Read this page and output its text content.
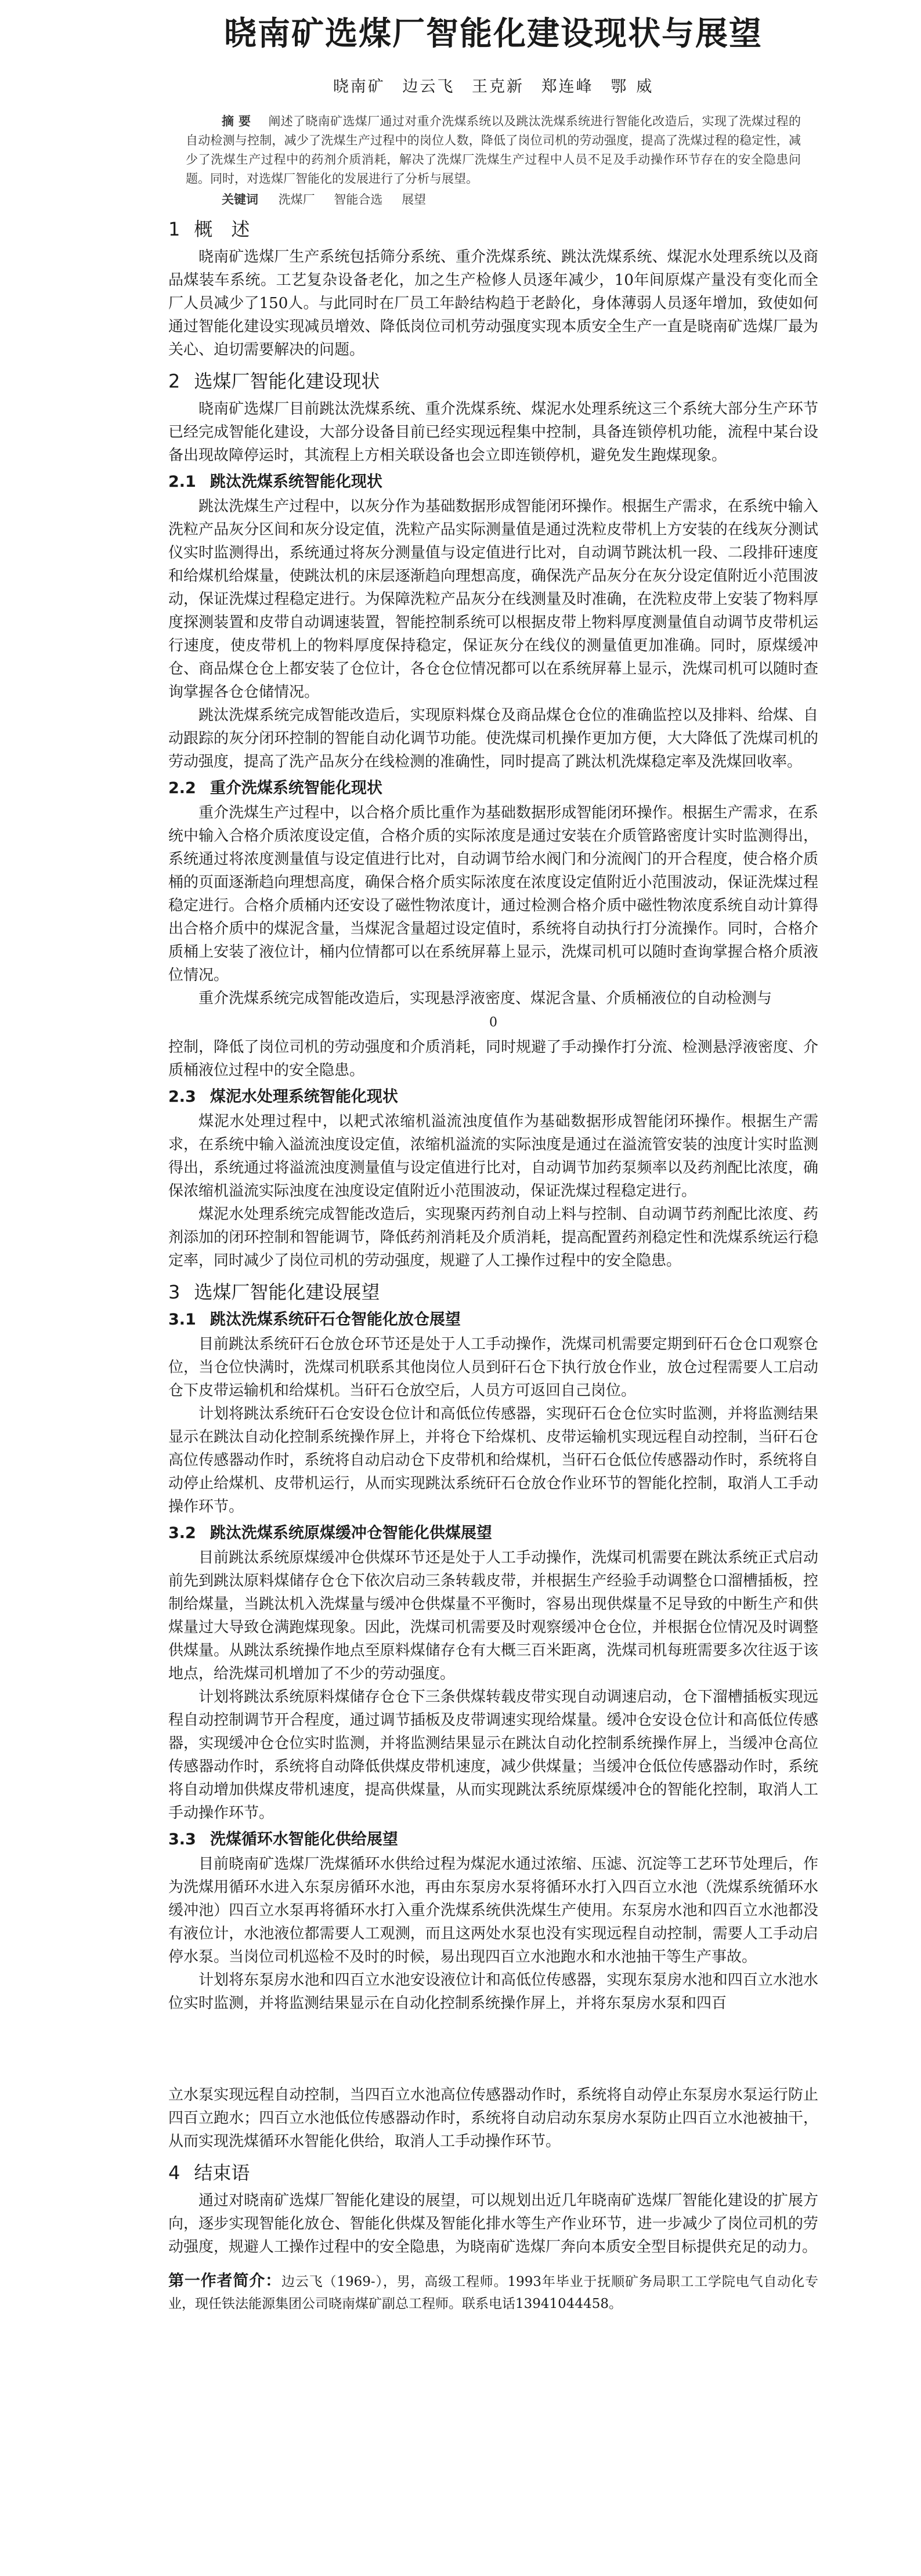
晓南矿选煤厂智能化建设现状与展望
晓南矿 边云飞 王克新 郑连峰 鄂 威
摘 要 阐述了晓南矿选煤厂通过对重介洗煤系统以及跳汰洗煤系统进行智能化改造后，实现了洗煤过程的自动检测与控制，减少了洗煤生产过程中的岗位人数，降低了岗位司机的劳动强度，提高了洗煤过程的稳定性，减少了洗煤生产过程中的药剂介质消耗，解决了洗煤厂洗煤生产过程中人员不足及手动操作环节存在的安全隐患问题。同时，对选煤厂智能化的发展进行了分析与展望。
关键词 洗煤厂 智能合选 展望
1 概　述

晓南矿选煤厂生产系统包括筛分系统、重介洗煤系统、跳汰洗煤系统、煤泥水处理系统以及商品煤装车系统。工艺复杂设备老化，加之生产检修人员逐年减少，10年间原煤产量没有变化而全厂人员减少了150人。与此同时在厂员工年龄结构趋于老龄化，身体薄弱人员逐年增加，致使如何通过智能化建设实现减员增效、降低岗位司机劳动强度实现本质安全生产一直是晓南矿选煤厂最为关心、迫切需要解决的问题。

2 选煤厂智能化建设现状

晓南矿选煤厂目前跳汰洗煤系统、重介洗煤系统、煤泥水处理系统这三个系统大部分生产环节已经完成智能化建设，大部分设备目前已经实现远程集中控制，具备连锁停机功能，流程中某台设备出现故障停运时，其流程上方相关联设备也会立即连锁停机，避免发生跑煤现象。

2.1 跳汰洗煤系统智能化现状

跳汰洗煤生产过程中，以灰分作为基础数据形成智能闭环操作。根据生产需求，在系统中输入洗粒产品灰分区间和灰分设定值，洗粒产品实际测量值是通过洗粒皮带机上方安装的在线灰分测试仪实时监测得出，系统通过将灰分测量值与设定值进行比对，自动调节跳汰机一段、二段排矸速度和给煤机给煤量，使跳汰机的床层逐渐趋向理想高度，确保洗产品灰分在灰分设定值附近小范围波动，保证洗煤过程稳定进行。为保障洗粒产品灰分在线测量及时准确，在洗粒皮带上安装了物料厚度探测装置和皮带自动调速装置，智能控制系统可以根据皮带上物料厚度测量值自动调节皮带机运行速度，使皮带机上的物料厚度保持稳定，保证灰分在线仪的测量值更加准确。同时，原煤缓冲仓、商品煤仓仓上都安装了仓位计，各仓仓位情况都可以在系统屏幕上显示，洗煤司机可以随时查询掌握各仓仓储情况。

跳汰洗煤系统完成智能改造后，实现原料煤仓及商品煤仓仓位的准确监控以及排料、给煤、自动跟踪的灰分闭环控制的智能自动化调节功能。使洗煤司机操作更加方便，大大降低了洗煤司机的劳动强度，提高了洗产品灰分在线检测的准确性，同时提高了跳汰机洗煤稳定率及洗煤回收率。

2.2 重介洗煤系统智能化现状

重介洗煤生产过程中，以合格介质比重作为基础数据形成智能闭环操作。根据生产需求，在系统中输入合格介质浓度设定值，合格介质的实际浓度是通过安装在介质管路密度计实时监测得出，系统通过将浓度测量值与设定值进行比对，自动调节给水阀门和分流阀门的开合程度，使合格介质桶的页面逐渐趋向理想高度，确保合格介质实际浓度在浓度设定值附近小范围波动，保证洗煤过程稳定进行。合格介质桶内还安设了磁性物浓度计，通过检测合格介质中磁性物浓度系统自动计算得出合格介质中的煤泥含量，当煤泥含量超过设定值时，系统将自动执行打分流操作。同时，合格介质桶上安装了液位计，桶内位情都可以在系统屏幕上显示，洗煤司机可以随时查询掌握合格介质液位情况。

重介洗煤系统完成智能改造后，实现悬浮液密度、煤泥含量、介质桶液位的自动检测与

0

控制，降低了岗位司机的劳动强度和介质消耗，同时规避了手动操作打分流、检测悬浮液密度、介质桶液位过程中的安全隐患。

2.3 煤泥水处理系统智能化现状

煤泥水处理过程中，以耙式浓缩机溢流浊度值作为基础数据形成智能闭环操作。根据生产需求，在系统中输入溢流浊度设定值，浓缩机溢流的实际浊度是通过在溢流管安装的浊度计实时监测得出，系统通过将溢流浊度测量值与设定值进行比对，自动调节加药泵频率以及药剂配比浓度，确保浓缩机溢流实际浊度在浊度设定值附近小范围波动，保证洗煤过程稳定进行。

煤泥水处理系统完成智能改造后，实现聚丙药剂自动上料与控制、自动调节药剂配比浓度、药剂添加的闭环控制和智能调节，降低药剂消耗及介质消耗，提高配置药剂稳定性和洗煤系统运行稳定率，同时减少了岗位司机的劳动强度，规避了人工操作过程中的安全隐患。

3 选煤厂智能化建设展望
3.1 跳汰洗煤系统矸石仓智能化放仓展望

目前跳汰系统矸石仓放仓环节还是处于人工手动操作，洗煤司机需要定期到矸石仓仓口观察仓位，当仓位快满时，洗煤司机联系其他岗位人员到矸石仓下执行放仓作业，放仓过程需要人工启动仓下皮带运输机和给煤机。当矸石仓放空后，人员方可返回自己岗位。

计划将跳汰系统矸石仓安设仓位计和高低位传感器，实现矸石仓仓位实时监测，并将监测结果显示在跳汰自动化控制系统操作屏上，并将仓下给煤机、皮带运输机实现远程自动控制，当矸石仓高位传感器动作时，系统将自动启动仓下皮带机和给煤机，当矸石仓低位传感器动作时，系统将自动停止给煤机、皮带机运行，从而实现跳汰系统矸石仓放仓作业环节的智能化控制，取消人工手动操作环节。

3.2 跳汰洗煤系统原煤缓冲仓智能化供煤展望

目前跳汰系统原煤缓冲仓供煤环节还是处于人工手动操作，洗煤司机需要在跳汰系统正式启动前先到跳汰原料煤储存仓仓下依次启动三条转载皮带，并根据生产经验手动调整仓口溜槽插板，控制给煤量，当跳汰机入洗煤量与缓冲仓供煤量不平衡时，容易出现供煤量不足导致的中断生产和供煤量过大导致仓满跑煤现象。因此，洗煤司机需要及时观察缓冲仓仓位，并根据仓位情况及时调整供煤量。从跳汰系统操作地点至原料煤储存仓有大概三百米距离，洗煤司机每班需要多次往返于该地点，给洗煤司机增加了不少的劳动强度。

计划将跳汰系统原料煤储存仓仓下三条供煤转载皮带实现自动调速启动，仓下溜槽插板实现远程自动控制调节开合程度，通过调节插板及皮带调速实现给煤量。缓冲仓安设仓位计和高低位传感器，实现缓冲仓仓位实时监测，并将监测结果显示在跳汰自动化控制系统操作屏上，当缓冲仓高位传感器动作时，系统将自动降低供煤皮带机速度，减少供煤量；当缓冲仓低位传感器动作时，系统将自动增加供煤皮带机速度，提高供煤量，从而实现跳汰系统原煤缓冲仓的智能化控制，取消人工手动操作环节。

3.3 洗煤循环水智能化供给展望

目前晓南矿选煤厂洗煤循环水供给过程为煤泥水通过浓缩、压滤、沉淀等工艺环节处理后，作为洗煤用循环水进入东泵房循环水池，再由东泵房水泵将循环水打入四百立水池（洗煤系统循环水缓冲池）四百立水泵再将循环水打入重介洗煤系统供洗煤生产使用。东泵房水池和四百立水池都没有液位计，水池液位都需要人工观测，而且这两处水泵也没有实现远程自动控制，需要人工手动启停水泵。当岗位司机巡检不及时的时候，易出现四百立水池跑水和水池抽干等生产事故。

计划将东泵房水池和四百立水池安设液位计和高低位传感器，实现东泵房水池和四百立水池水位实时监测，并将监测结果显示在自动化控制系统操作屏上，并将东泵房水泵和四百

立水泵实现远程自动控制，当四百立水池高位传感器动作时，系统将自动停止东泵房水泵运行防止四百立跑水；四百立水池低位传感器动作时，系统将自动启动东泵房水泵防止四百立水池被抽干，从而实现洗煤循环水智能化供给，取消人工手动操作环节。

4 结束语

通过对晓南矿选煤厂智能化建设的展望，可以规划出近几年晓南矿选煤厂智能化建设的扩展方向，逐步实现智能化放仓、智能化供煤及智能化排水等生产作业环节，进一步减少了岗位司机的劳动强度，规避人工操作过程中的安全隐患，为晓南矿选煤厂奔向本质安全型目标提供充足的动力。

第一作者简介：边云飞（1969-），男，高级工程师。1993年毕业于抚顺矿务局职工工学院电气自动化专业，现任铁法能源集团公司晓南煤矿副总工程师。联系电话13941044458。
